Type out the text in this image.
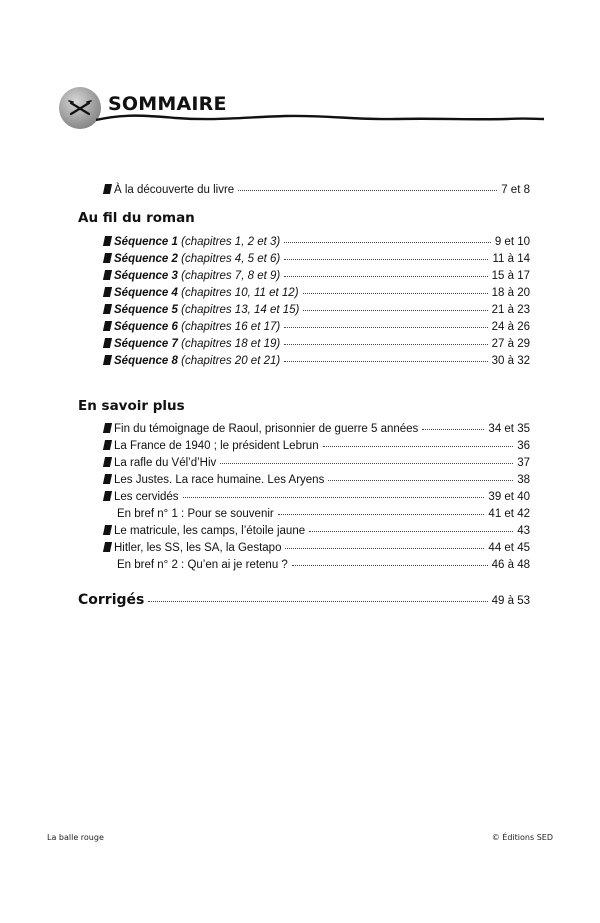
SOMMAIRE
À la découverte du livre	7 et 8
Au fil du roman
Séquence 1 (chapitres 1, 2 et 3)	9 et 10
Séquence 2 (chapitres 4, 5 et 6)	11 à 14
Séquence 3 (chapitres 7, 8 et 9)	15 à 17
Séquence 4 (chapitres 10, 11 et 12)	18 à 20
Séquence 5 (chapitres 13, 14 et 15)	21 à 23
Séquence 6 (chapitres 16 et 17)	24 à 26
Séquence 7 (chapitres 18 et 19)	27 à 29
Séquence 8 (chapitres 20 et 21)	30 à 32
En savoir plus
Fin du témoignage de Raoul, prisonnier de guerre 5 années	34 et 35
La France de 1940 ; le président Lebrun	36
La rafle du Vél’d’Hiv	37
Les Justes. La race humaine. Les Aryens	38
Les cervidés	39 et 40
En bref n° 1 : Pour se souvenir	41 et 42
Le matricule, les camps, l’étoile jaune	43
Hitler, les SS, les SA, la Gestapo	44 et 45
En bref n° 2 : Qu’en ai je retenu ?	46 à 48
Corrigés	49 à 53
La balle rouge	© Éditions SED
